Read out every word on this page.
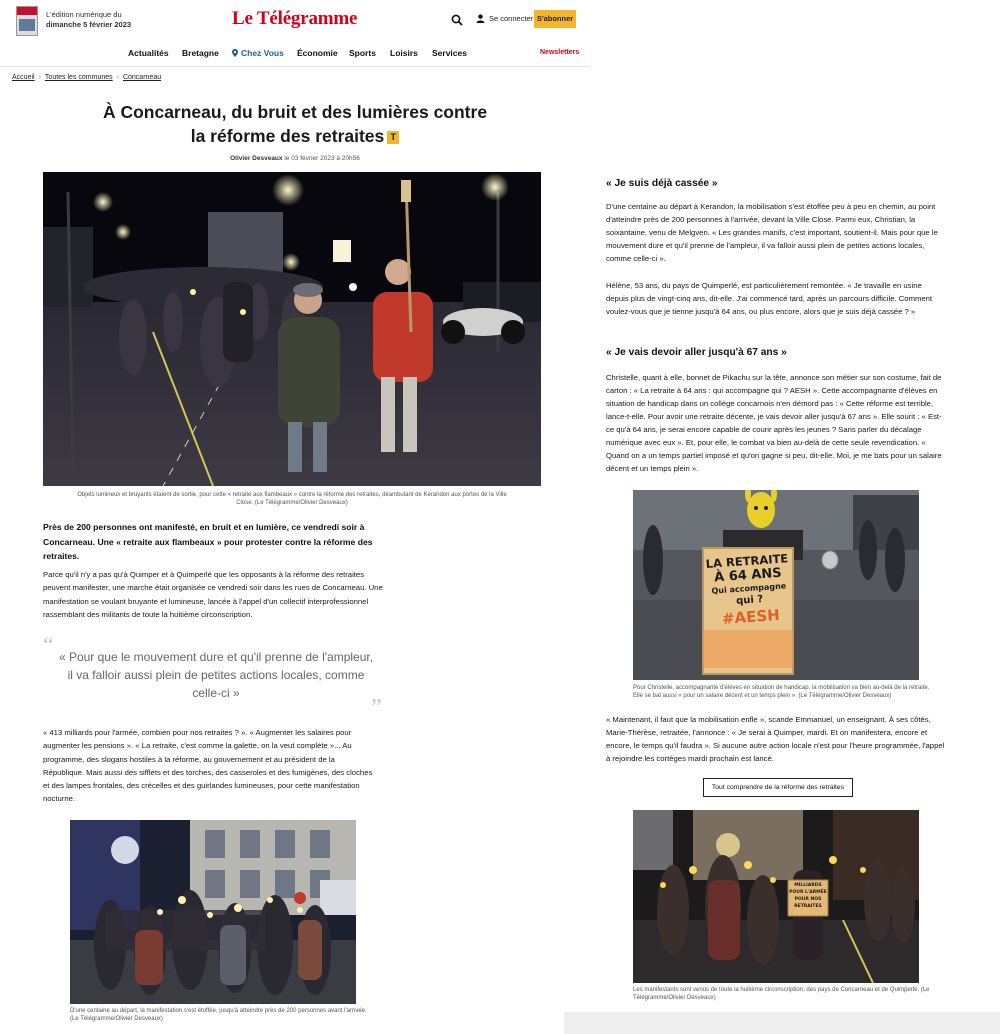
L'édition numérique du
dimanche 5 février 2023	Le Télégramme	Se connecter S'abonner
Actualités Bretagne	Chez Vous Économie Sports Loisirs Services	Newsletters
Accueil › Toutes les communes › Concarneau
À Concarneau, du bruit et des lumières contre
la réforme des retraites T
Olivier Desveaux le 03 février 2023 à 20h56
Objets lumineux et bruyants étaient de sortie, pour cette « retraite aux flambeaux » contre la réforme des retraites, déambulant de Kerandon aux portes de la Ville
Close. (Le Télégramme/Olivier Desveaux)

Près de 200 personnes ont manifesté, en bruit et en lumière, ce vendredi soir à Concarneau. Une « retraite aux flambeaux » pour protester contre la réforme des retraites.

Parce qu'il n'y a pas qu'à Quimper et à Quimperlé que les opposants à la réforme des retraites peuvent manifester, une marche était organisée ce vendredi soir dans les rues de Concarneau. Une manifestation se voulant bruyante et lumineuse, lancée à l'appel d'un collectif interprofessionnel rassemblant des militants de toute la huitième circonscription.

“ « Pour que le mouvement dure et qu'il prenne de l'ampleur, il va falloir aussi plein de petites actions locales, comme celle-ci »

”

« 413 milliards pour l'armée, combien pour nos retraites ? ». « Augmenter les salaires pour augmenter les pensions ». « La retraite, c'est comme la galette, on la veut complète »... Au programme, des slogans hostiles à la réforme, au gouvernement et au président de la République. Mais aussi des sifflets et des torches, des casseroles et des fumigènes, des cloches et des lampes frontales, des crécelles et des guirlandes lumineuses, pour cette manifestation nocturne.

D'une centaine au départ, la manifestation s'est étoffée, jusqu'à atteindre près de 200 personnes avant l'arrivée.
(Le Télégramme/Olivier Desveaux)
« Je suis déjà cassée »

D'une centaine au départ à Kerandon, la mobilisation s'est étoffée peu à peu en chemin, au point d'atteindre près de 200 personnes à l'arrivée, devant la Ville Close. Parmi eux, Christian, la soixantaine, venu de Melgven. « Les grandes manifs, c'est important, soutient-il. Mais pour que le mouvement dure et qu'il prenne de l'ampleur, il va falloir aussi plein de petites actions locales, comme celle-ci ».

Hélène, 53 ans, du pays de Quimperlé, est particulièrement remontée. « Je travaille en usine depuis plus de vingt-cinq ans, dit-elle. J'ai commencé tard, après un parcours difficile. Comment voulez-vous que je tienne jusqu'à 64 ans, ou plus encore, alors que je suis déjà cassée ? »

« Je vais devoir aller jusqu'à 67 ans »

Christelle, quant à elle, bonnet de Pikachu sur la tête, annonce son métier sur son costume, fait de carton : « La retraite à 64 ans : qui accompagne qui ? AESH ». Cette accompagnante d'élèves en situation de handicap dans un collège concarnois n'en démord pas : « Cette réforme est terrible, lance-t-elle. Pour avoir une retraite décente, je vais devoir aller jusqu'à 67 ans ». Elle sourit : « Est-ce qu'à 64 ans, je serai encore capable de courir après les jeunes ? Sans parler du décalage numérique avec eux ». Et, pour elle, le combat va bien au-delà de cette seule revendication. « Quand on a un temps partiel imposé et qu'on gagne si peu, dit-elle. Moi, je me bats pour un salaire décent et un temps plein ».

LA RETRAITE
À 64 ANS
Qui accompagne
qui ?
#AESH
Pour Christelle, accompagnante d'élèves en situation de handicap, la mobilisation va bien au-delà de la retraite.
Elle se bat aussi « pour un salaire décent et un temps plein ». (Le Télégramme/Olivier Desveaux)

« Maintenant, il faut que la mobilisation enfle », scande Emmanuel, un enseignant. À ses côtés, Marie-Thérèse, retraitée, l'annonce : « Je serai à Quimper, mardi. Et on manifestera, encore et encore, le temps qu'il faudra ». Si aucune autre action locale n'est pour l'heure programmée, l'appel à rejoindre les cortèges mardi prochain est lancé.

Tout comprendre de la réforme des retraites
MILLIARDS
POUR L'ARMÉE
POUR NOS
RETRAITES
Les manifestants sont venus de toute la huitième circonscription, des pays de Concarneau et de Quimperlé. (Le
Télégramme/Olivier Desveaux)
